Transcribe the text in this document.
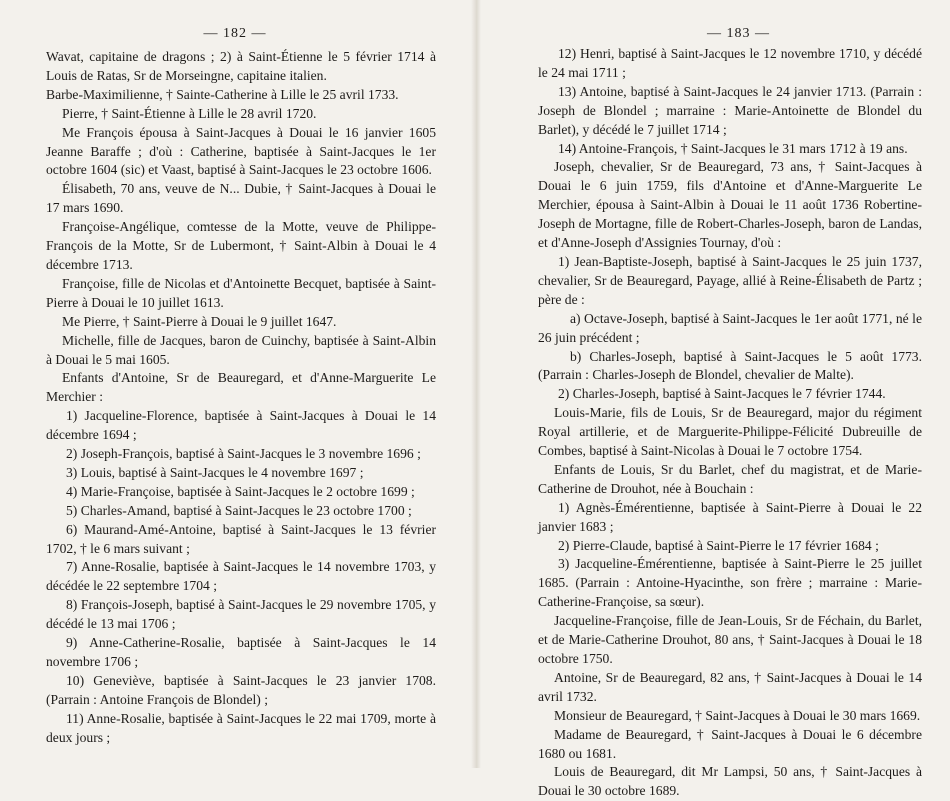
— 182 —

Wavat, capitaine de dragons ; 2) à Saint-Étienne le 5 février 1714 à Louis de Ratas, Sr de Morseingne, capitaine italien.

Barbe-Maximilienne, † Sainte-Catherine à Lille le 25 avril 1733.

Pierre, † Saint-Étienne à Lille le 28 avril 1720.

Me François épousa à Saint-Jacques à Douai le 16 janvier 1605 Jeanne Baraffe ; d'où : Catherine, baptisée à Saint-Jacques le 1er octobre 1604 (sic) et Vaast, baptisé à Saint-Jacques le 23 octobre 1606.

Élisabeth, 70 ans, veuve de N... Dubie, † Saint-Jacques à Douai le 17 mars 1690.

Françoise-Angélique, comtesse de la Motte, veuve de Philippe-François de la Motte, Sr de Lubermont, † Saint-Albin à Douai le 4 décembre 1713.

Françoise, fille de Nicolas et d'Antoinette Becquet, baptisée à Saint-Pierre à Douai le 10 juillet 1613.

Me Pierre, † Saint-Pierre à Douai le 9 juillet 1647.

Michelle, fille de Jacques, baron de Cuinchy, baptisée à Saint-Albin à Douai le 5 mai 1605.

Enfants d'Antoine, Sr de Beauregard, et d'Anne-Marguerite Le Merchier :

1) Jacqueline-Florence, baptisée à Saint-Jacques à Douai le 14 décembre 1694 ;

2) Joseph-François, baptisé à Saint-Jacques le 3 novembre 1696 ;

3) Louis, baptisé à Saint-Jacques le 4 novembre 1697 ;

4) Marie-Françoise, baptisée à Saint-Jacques le 2 octobre 1699 ;

5) Charles-Amand, baptisé à Saint-Jacques le 23 octobre 1700 ;

6) Maurand-Amé-Antoine, baptisé à Saint-Jacques le 13 février 1702, † le 6 mars suivant ;

7) Anne-Rosalie, baptisée à Saint-Jacques le 14 novembre 1703, y décédée le 22 septembre 1704 ;

8) François-Joseph, baptisé à Saint-Jacques le 29 novembre 1705, y décédé le 13 mai 1706 ;

9) Anne-Catherine-Rosalie, baptisée à Saint-Jacques le 14 novembre 1706 ;

10) Geneviève, baptisée à Saint-Jacques le 23 janvier 1708. (Parrain : Antoine François de Blondel) ;

11) Anne-Rosalie, baptisée à Saint-Jacques le 22 mai 1709, morte à deux jours ;

— 183 —

12) Henri, baptisé à Saint-Jacques le 12 novembre 1710, y décédé le 24 mai 1711 ;

13) Antoine, baptisé à Saint-Jacques le 24 janvier 1713. (Parrain : Joseph de Blondel ; marraine : Marie-Antoinette de Blondel du Barlet), y décédé le 7 juillet 1714 ;

14) Antoine-François, † Saint-Jacques le 31 mars 1712 à 19 ans.

Joseph, chevalier, Sr de Beauregard, 73 ans, † Saint-Jacques à Douai le 6 juin 1759, fils d'Antoine et d'Anne-Marguerite Le Merchier, épousa à Saint-Albin à Douai le 11 août 1736 Robertine-Joseph de Mortagne, fille de Robert-Charles-Joseph, baron de Landas, et d'Anne-Joseph d'Assignies Tournay, d'où :

1) Jean-Baptiste-Joseph, baptisé à Saint-Jacques le 25 juin 1737, chevalier, Sr de Beauregard, Payage, allié à Reine-Élisabeth de Partz ; père de :

a) Octave-Joseph, baptisé à Saint-Jacques le 1er août 1771, né le 26 juin précédent ;

b) Charles-Joseph, baptisé à Saint-Jacques le 5 août 1773. (Parrain : Charles-Joseph de Blondel, chevalier de Malte).

2) Charles-Joseph, baptisé à Saint-Jacques le 7 février 1744.

Louis-Marie, fils de Louis, Sr de Beauregard, major du régiment Royal artillerie, et de Marguerite-Philippe-Félicité Dubreuille de Combes, baptisé à Saint-Nicolas à Douai le 7 octobre 1754.

Enfants de Louis, Sr du Barlet, chef du magistrat, et de Marie-Catherine de Drouhot, née à Bouchain :

1) Agnès-Émérentienne, baptisée à Saint-Pierre à Douai le 22 janvier 1683 ;

2) Pierre-Claude, baptisé à Saint-Pierre le 17 février 1684 ;

3) Jacqueline-Émérentienne, baptisée à Saint-Pierre le 25 juillet 1685. (Parrain : Antoine-Hyacinthe, son frère ; marraine : Marie-Catherine-Françoise, sa sœur).

Jacqueline-Françoise, fille de Jean-Louis, Sr de Féchain, du Barlet, et de Marie-Catherine Drouhot, 80 ans, † Saint-Jacques à Douai le 18 octobre 1750.

Antoine, Sr de Beauregard, 82 ans, † Saint-Jacques à Douai le 14 avril 1732.

Monsieur de Beauregard, † Saint-Jacques à Douai le 30 mars 1669.

Madame de Beauregard, † Saint-Jacques à Douai le 6 décembre 1680 ou 1681.

Louis de Beauregard, dit Mr Lampsi, 50 ans, † Saint-Jacques à Douai le 30 octobre 1689.
